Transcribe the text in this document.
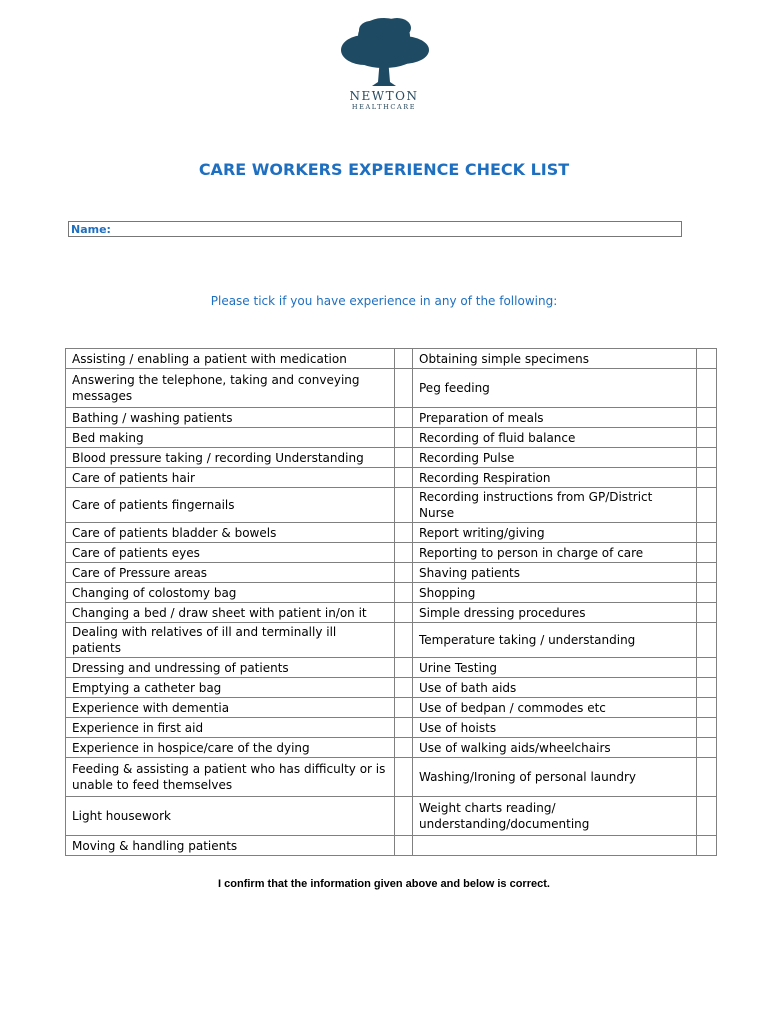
NEWTON
HEALTHCARE
CARE WORKERS EXPERIENCE CHECK LIST
Name:
Please tick if you have experience in any of the following:
Assisting / enabling a patient with medication		Obtaining simple specimens	
Answering the telephone, taking and conveying messages		Peg feeding	
Bathing / washing patients		Preparation of meals	
Bed making		Recording of fluid balance	
Blood pressure taking / recording Understanding		Recording Pulse	
Care of patients hair		Recording Respiration	
Care of patients fingernails		Recording instructions from GP/District Nurse	
Care of patients bladder & bowels		Report writing/giving	
Care of patients eyes		Reporting to person in charge of care	
Care of Pressure areas		Shaving patients	
Changing of colostomy bag		Shopping	
Changing a bed / draw sheet with patient in/on it		Simple dressing procedures	
Dealing with relatives of ill and terminally ill patients		Temperature taking / understanding	
Dressing and undressing of patients		Urine Testing	
Emptying a catheter bag		Use of bath aids	
Experience with dementia		Use of bedpan / commodes etc	
Experience in first aid		Use of hoists	
Experience in hospice/care of the dying		Use of walking aids/wheelchairs	
Feeding & assisting a patient who has difficulty or is unable to feed themselves		Washing/Ironing of personal laundry	
Light housework		Weight charts reading/ understanding/documenting	
Moving & handling patients			
I confirm that the information given above and below is correct.
